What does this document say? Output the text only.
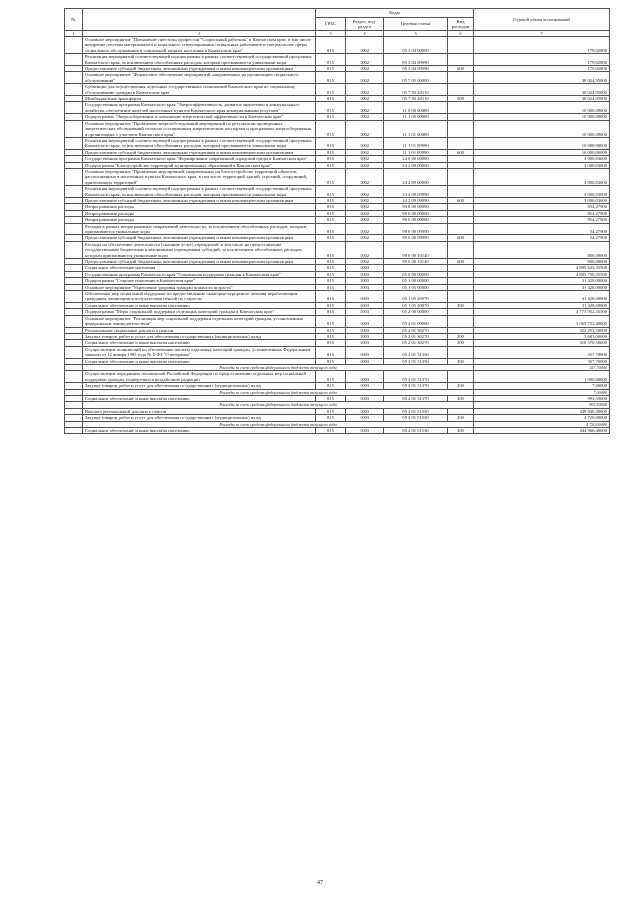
№		Коды				Годовой объем ассигнований
		ГРБС	Раздел, под-раздел	Целевая статья	Вид расходов	
1	2	3	4	5	6	7
	Основное мероприятие "Повышение престижа профессии "Социальный работник" в Камчатском крае, в том числе внедрение системы материального и морального стимулирования социальных работников и специалистов сферы социального обслуживания и социальной защиты населения в Камчатском крае"	815	1002	05 3 04 00000		179,02800
	Реализация мероприятий соответствующей подпрограммы в рамках соответствующей государственной программы Камчатского края, за исключением обособленных расходов, которым присваиваются уникальные коды	815	1002	05 3 04 09990		179,02800
	Предоставление субсидий бюджетным, автономным учреждениям и иным некоммерческим организациям	815	1002	05 3 04 09990	600	179,02800
	Основное мероприятие "Финансовое обеспечение мероприятий, направленных на организацию социального обслуживания"	815	1002	05 7 05 00000		30 024,95000
	Субвенции для осуществления отдельных государственных полномочий Камчатского края по социальному обслуживанию граждан в Камчатском крае	815	1002	05 7 05 40110		30 024,95000
	Межбюджетные трансферты	815	1002	05 7 05 40110	500	30 024,95000
	Государственная программа Камчатского края "Энергоэффективность, развитие энергетики и коммунального хозяйства, обеспечение жителей населенных пунктов Камчатского края коммунальными услугами"	815	1002	11 0 00 00000		10 000,00000
	Подпрограмма "Энергосбережение и повышение энергетической эффективности в Камчатском крае"	815	1002	11 1 00 00000		10 000,00000
	Основное мероприятие "Проведение энергообследований мероприятий по результатам проведенных энергетических обследований согласно составленным энергетическим паспортам и программам энергосбережения в организациях с участием Камчатского края"	815	1002	11 1 01 00000		10 000,00000
	Реализация мероприятий соответствующей подпрограммы в рамках соответствующей государственной программы Камчатского края, за исключением обособленных расходов, которым присваиваются уникальные коды	815	1002	11 1 01 09990		10 000,00000
	Предоставление субсидий бюджетным, автономным учреждениям и иным некоммерческим организациям	815	1002	11 1 01 09990	600	10 000,00000
	Государственная программа Камчатского края "Формирование современной городской среды в Камчатском крае"	815	1002	24 0 00 00000		3 000,03000
	Подпрограмма "Благоустройство территорий муниципальных образований в Камчатском крае"	815	1002	24 2 00 00000		3 000,03000
	Основное мероприятие "Проведение мероприятий, направленных на благоустройство территорий объектов, расположенных в населенных пунктах Камчатского края, в том числе территорий зданий, строений, сооружений, прилегающих территорий"	815	1002	24 2 09 00000		3 000,03000
	Реализация мероприятий соответствующей подпрограммы в рамках соответствующей государственной программы Камчатского края, за исключением обособленных расходов, которым присваиваются уникальные коды	815	1002	24 2 09 09990		3 000,03000
	Предоставление субсидий бюджетным, автономным учреждениям и иным некоммерческим организациям	815	1002	24 2 09 09990	600	3 000,03000
	Непрограммные расходы	815	1002	99 0 00 00000		854,27900
	Непрограммные расходы	815	1002	99 0 00 00000		854,27900
	Непрограммные расходы	815	1002	99 0 00 00000		854,27900
	Расходы в рамках непрограммных направлений деятельности, за исключением обособленных расходов, которым присваиваются уникальные коды	815	1002	99 0 00 09990		54,27900
	Предоставление субсидий бюджетным, автономным учреждениям и иным некоммерческим организациям	815	1002	99 0 00 09990	600	54,27900
	Расходы на обеспечение деятельности (оказание услуг) учреждений, в том числе на предоставление государственным бюджетным и автономным учреждениям субсидий, за исключением обособленных расходов, которым присваиваются уникальные коды	815	1002	99 0 00 10140		800,00000
	Предоставление субсидий бюджетным, автономным учреждениям и иным некоммерческим организациям	815	1002	99 0 00 10140	600	800,00000
	Социальное обеспечение населения	815	1003			4 805 623,35500
	Государственная программа Камчатского края "Социальная поддержка граждан в Камчатском крае"	815	1003	05 0 00 00000		4 805 750,35500
	Подпрограмма "Старшее поколение в Камчатском крае"	815	1003	05 1 00 00000		31 428,00000
	Основное мероприятие "Укрепление здоровья граждан пожилого возраста"	815	1003	05 1 05 00000		31 428,00000
	Обеспечение мер социальной поддержки по предоставлению санаторно-курортного лечения неработающим гражданам, являющимся получателями пенсий по старости	815	1003	05 1 05 20070		31 428,00000
	Социальное обеспечение и иные выплаты населению	815	1003	05 1 05 20070	300	31 428,00000
	Подпрограмма "Меры социальной поддержки отдельных категорий граждан в Камчатском крае"	815	1003	05 2 00 00000		4 773 952,35500
	Основное мероприятие "Реализация мер социальной поддержки отдельных категорий граждан, установленных федеральным законодательством"	815	1003	05 2 01 00000		3 065 722,40000
	Региональные социальные доплаты к пенсии	815	1003	05 2 01 30270		322 253,50000
	Закупка товаров, работ и услуг для обеспечения государственных (муниципальных) нужд	815	1003	05 2 01 30270	200	3 683,00000
	Социальное обеспечение и иные выплаты населению	815	1003	05 2 01 30270	300	318 570,50000
	Осуществление полномочий по обеспечению жильем отдельных категорий граждан, установленных Федеральным законом от 12 января 1995 года № 5-ФЗ "О ветеранах"	815	1003	05 2 01 51350		357,70000
	Социальное обеспечение и иные выплаты населению	815	1003	05 2 01 51350	300	357,70000
	Расходы за счет средств федерального бюджета текущего года					357,70000
	Осуществление переданных полномочий Российской Федерации по предоставлению отдельных мер социальной поддержки граждан, подвергшихся воздействию радиации	815	1003	05 2 01 51370		1 000,60000
	Закупка товаров, работ и услуг для обеспечения государственных (муниципальных) нужд	815	1003	05 2 01 51370	200	7,00000
	Расходы за счет средств федерального бюджета текущего года					7,00000
	Социальное обеспечение и иные выплаты населению	815	1003	05 2 01 51370	300	993,50000
	Расходы за счет средств федерального бюджета текущего года					993,50000
	Выплата региональной доплаты к пенсии	815	1003	05 2 01 51530		449 840,40000
	Закупка товаров, работ и услуг для обеспечения государственных (муниципальных) нужд	815	1003	05 2 01 51530	200	4 720,00000
	Расходы за счет средств федерального бюджета текущего года					4 720,00000
	Социальное обеспечение и иные выплаты населению	815	1003	05 2 01 51530	300	444 966,40000
47
